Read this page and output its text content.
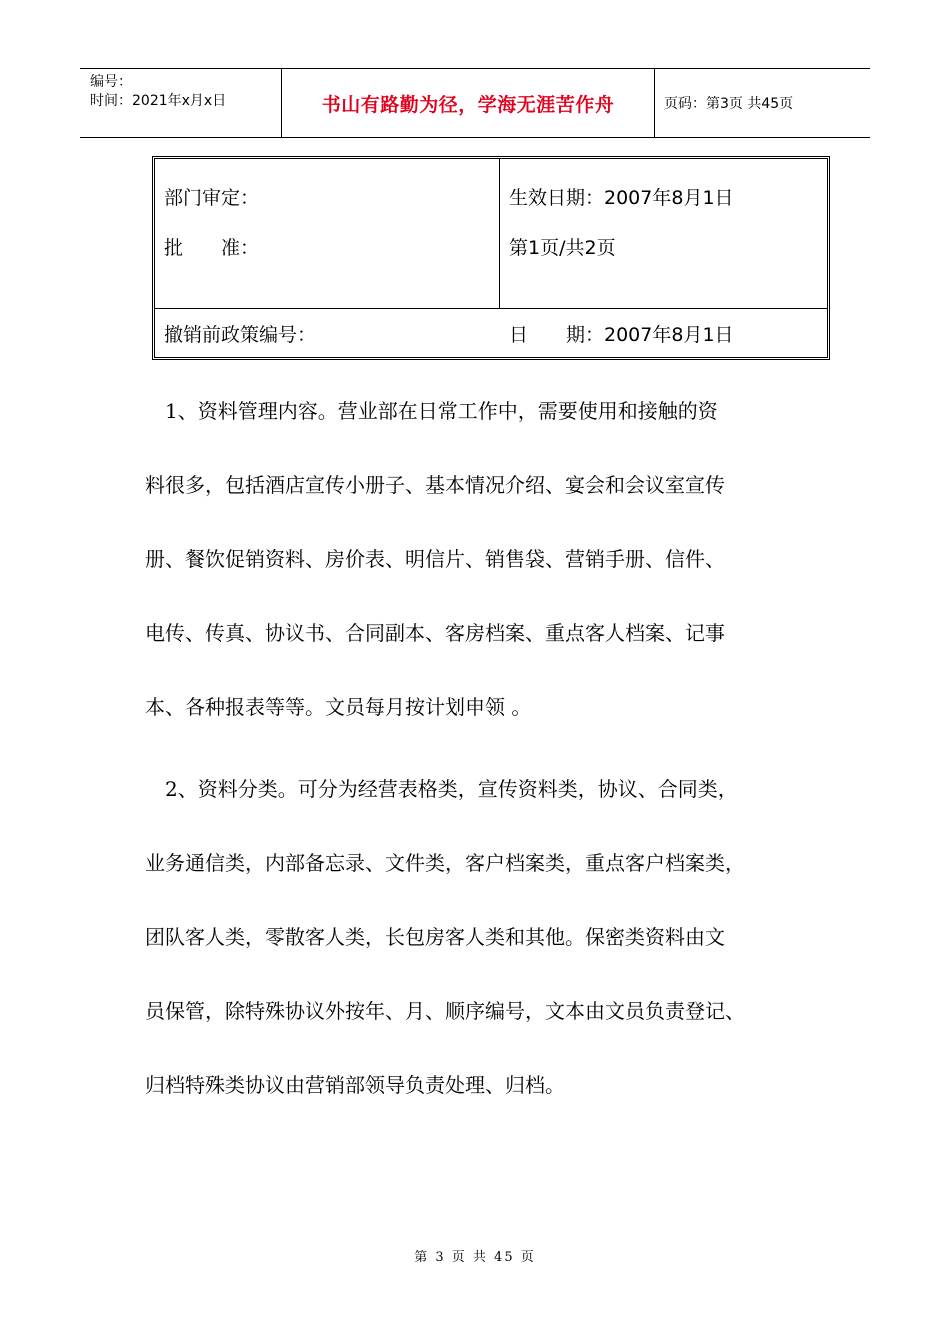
编号：
时间：2021年x月x日	书山有路勤为径，学海无涯苦作舟	页码：第3页 共45页
部门审定：
批　　准：
生效日期：2007年8月1日
第1页/共2页
撤销前政策编号：	日　　期：2007年8月1日
　1、资料管理内容。营业部在日常工作中，需要使用和接触的资
料很多，包括酒店宣传小册子、基本情况介绍、宴会和会议室宣传
册、餐饮促销资料、房价表、明信片、销售袋、营销手册、信件、
电传、传真、协议书、合同副本、客房档案、重点客人档案、记事
本、各种报表等等。文员每月按计划申领 。
　2、资料分类。可分为经营表格类，宣传资料类，协议、合同类，
业务通信类，内部备忘录、文件类，客户档案类，重点客户档案类，
团队客人类，零散客人类，长包房客人类和其他。保密类资料由文
员保管，除特殊协议外按年、月、顺序编号，文本由文员负责登记、
归档特殊类协议由营销部领导负责处理、归档。
第 3 页 共 45 页
